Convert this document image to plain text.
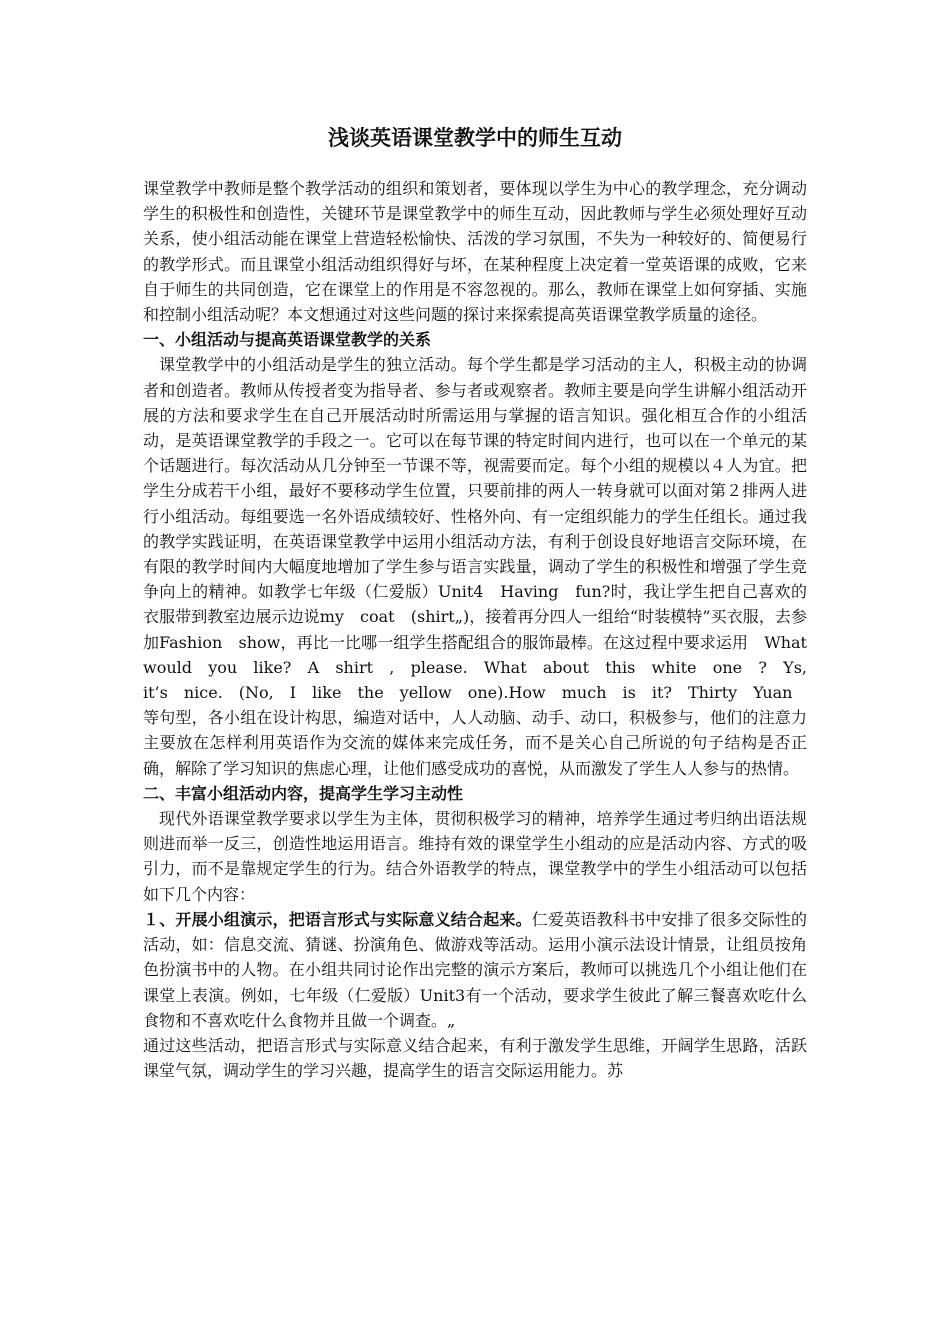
浅谈英语课堂教学中的师生互动

课堂教学中教师是整个教学活动的组织和策划者，要体现以学生为中心的教学理念，充分调动学生的积极性和创造性，关键环节是课堂教学中的师生互动，因此教师与学生必须处理好互动关系，使小组活动能在课堂上营造轻松愉快、活泼的学习氛围，不失为一种较好的、简便易行的教学形式。而且课堂小组活动组织得好与坏，在某种程度上决定着一堂英语课的成败，它来自于师生的共同创造，它在课堂上的作用是不容忽视的。那么，教师在课堂上如何穿插、实施和控制小组活动呢？本文想通过对这些问题的探讨来探索提高英语课堂教学质量的途径。

一、小组活动与提高英语课堂教学的关系

课堂教学中的小组活动是学生的独立活动。每个学生都是学习活动的主人，积极主动的协调者和创造者。教师从传授者变为指导者、参与者或观察者。教师主要是向学生讲解小组活动开展的方法和要求学生在自己开展活动时所需运用与掌握的语言知识。强化相互合作的小组活动，是英语课堂教学的手段之一。它可以在每节课的特定时间内进行，也可以在一个单元的某个话题进行。每次活动从几分钟至一节课不等，视需要而定。每个小组的规模以４人为宜。把学生分成若干小组，最好不要移动学生位置，只要前排的两人一转身就可以面对第２排两人进行小组活动。每组要选一名外语成绩较好、性格外向、有一定组织能力的学生任组长。通过我的教学实践证明，在英语课堂教学中运用小组活动方法，有利于创设良好地语言交际环境，在有限的教学时间内大幅度地增加了学生参与语言实践量，调动了学生的积极性和增强了学生竞争向上的精神。如教学七年级（仁爱版）Unit4　Having　fun?时，我让学生把自己喜欢的衣服带到教室边展示边说my　coat　(shirt„)，接着再分四人一组给“时装模特”买衣服，去参加Fashion　show，再比一比哪一组学生搭配组合的服饰最棒。在这过程中要求运用　What　would　you　like?　A　shirt　,　please.　What　about　this　white　one　?　Ys,　it’s　nice.　(No,　I　like　the　yellow　one).How　much　is　it?　Thirty　Yuan

等句型，各小组在设计构思，编造对话中，人人动脑、动手、动口，积极参与，他们的注意力主要放在怎样利用英语作为交流的媒体来完成任务，而不是关心自己所说的句子结构是否正确，解除了学习知识的焦虑心理，让他们感受成功的喜悦，从而激发了学生人人参与的热情。

二、丰富小组活动内容，提高学生学习主动性

现代外语课堂教学要求以学生为主体，贯彻积极学习的精神，培养学生通过考归纳出语法规则进而举一反三，创造性地运用语言。维持有效的课堂学生小组动的应是活动内容、方式的吸引力，而不是靠规定学生的行为。结合外语教学的特点，课堂教学中的学生小组活动可以包括如下几个内容：

１、开展小组演示，把语言形式与实际意义结合起来。仁爱英语教科书中安排了很多交际性的活动，如：信息交流、猜谜、扮演角色、做游戏等活动。运用小演示法设计情景，让组员按角色扮演书中的人物。在小组共同讨论作出完整的演示方案后，教师可以挑选几个小组让他们在课堂上表演。例如，七年级（仁爱版）Unit3有一个活动，要求学生彼此了解三餐喜欢吃什么食物和不喜欢吃什么食物并且做一个调查。„

通过这些活动，把语言形式与实际意义结合起来，有利于激发学生思维，开阔学生思路，活跃课堂气氛，调动学生的学习兴趣，提高学生的语言交际运用能力。苏
